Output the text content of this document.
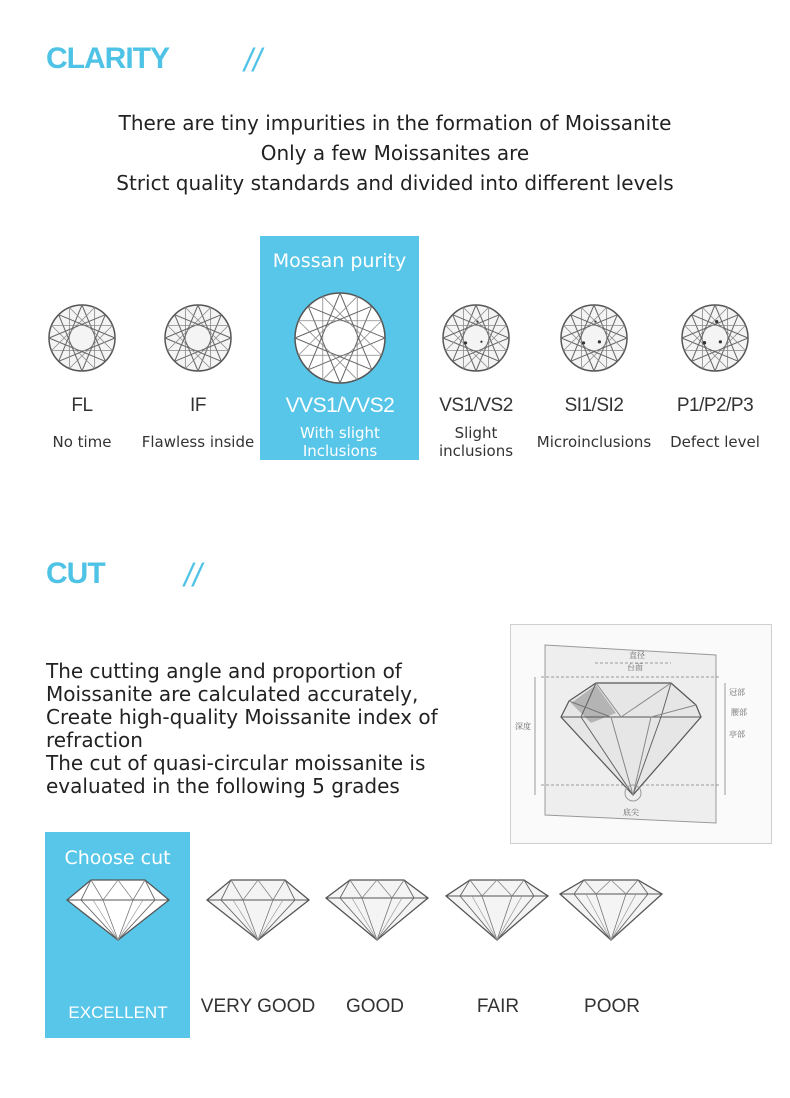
CLARITY //
There are tiny impurities in the formation of Moissanite
Only a few Moissanites are
Strict quality standards and divided into different levels
Mossan purity
FL
No time
IF
Flawless inside
VVS1/VVS2
With slight Inclusions
VS1/VS2
Slight inclusions
SI1/SI2
Microinclusions
P1/P2/P3
Defect level
CUT //
The cutting angle and proportion of
Moissanite are calculated accurately,
Create high-quality Moissanite index of
refraction
The cut of quasi-circular moissanite is
evaluated in the following 5 grades
直径
台面
冠部
腰部
亭部
深度
底尖
Choose cut
EXCELLENT	VERY GOOD	GOOD	FAIR	POOR
